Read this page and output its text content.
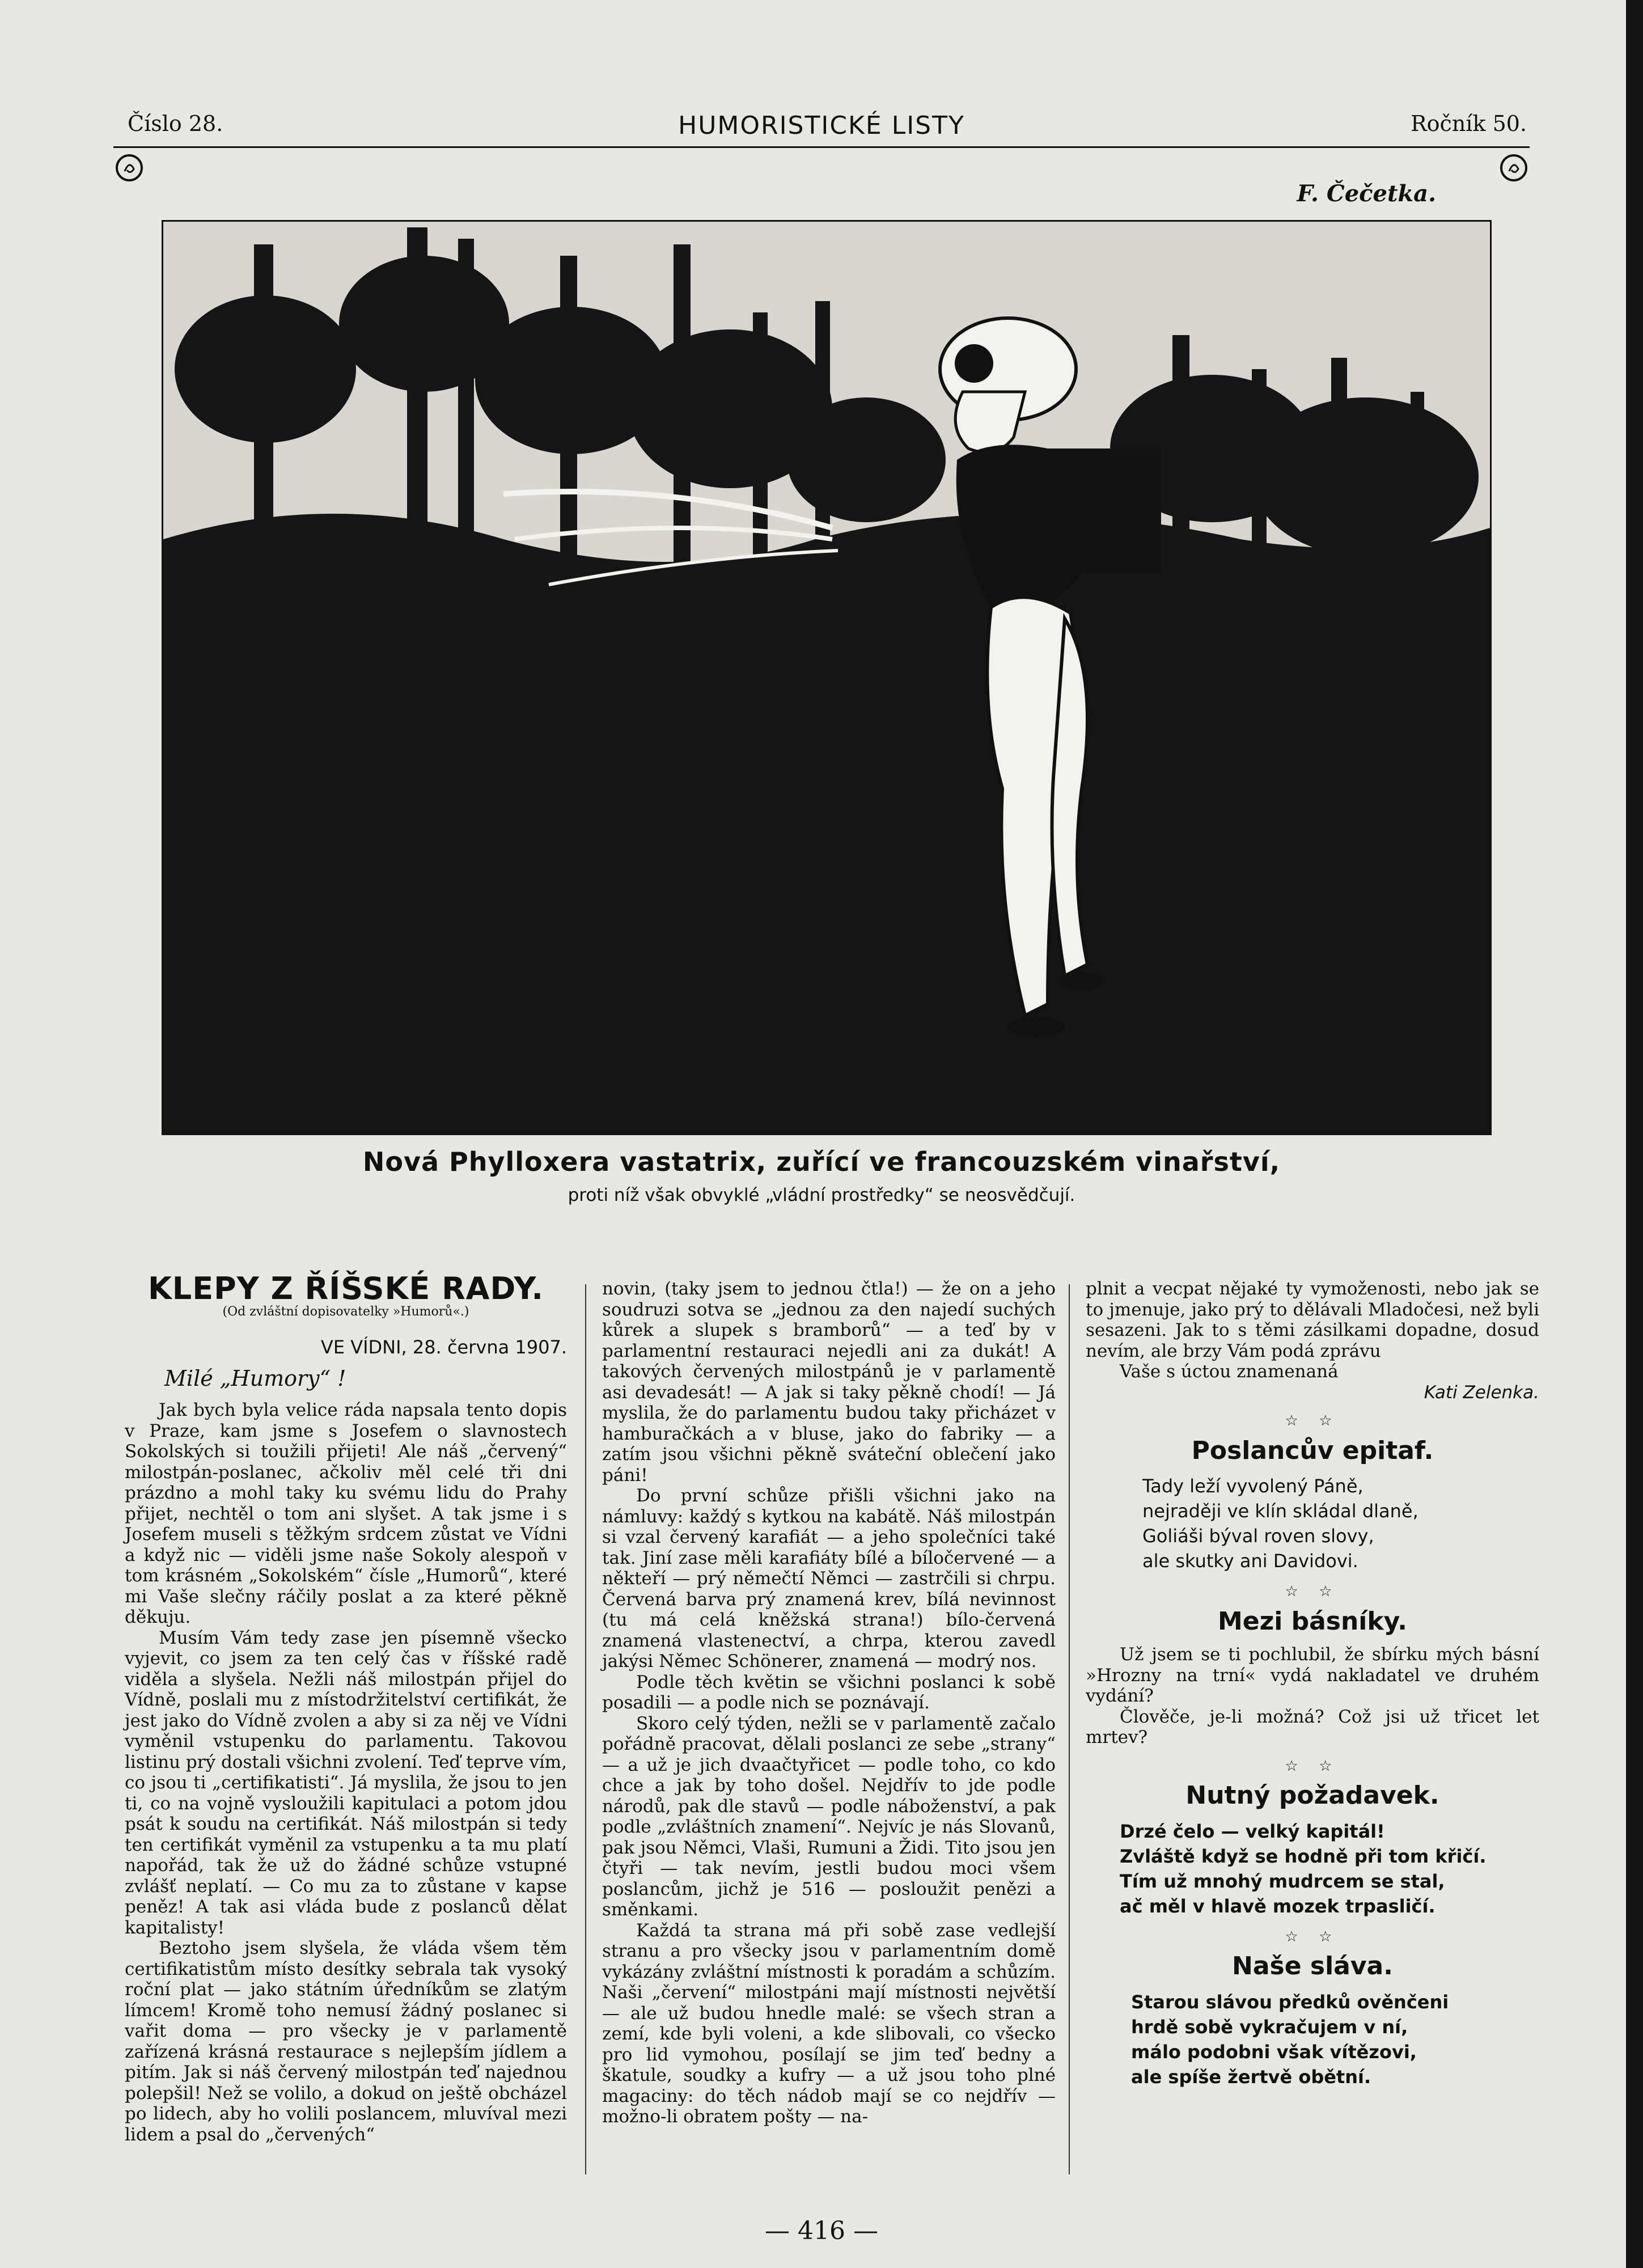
Číslo 28.	HUMORISTICKÉ LISTY	Ročník 50.
F. Čečetka.
Nová Phylloxera vastatrix, zuřící ve francouzském vinařství,
proti níž však obvyklé „vládní prostředky“ se neosvědčují.
KLEPY Z ŘÍŠSKÉ RADY.
(Od zvláštní dopisovatelky »Humorů«.)
VE VÍDNI, 28. června 1907.
Milé „Humory“ !

Jak bych byla velice ráda napsala tento dopis v Praze, kam jsme s Josefem o slavnostech Sokolských si toužili přijeti! Ale náš „červený“ milostpán-poslanec, ačkoliv měl celé tři dni prázdno a mohl taky ku svému lidu do Prahy přijet, nechtěl o tom ani slyšet. A tak jsme i s Josefem museli s těžkým srdcem zůstat ve Vídni a když nic — viděli jsme naše Sokoly alespoň v tom krásném „Sokolském“ čísle „Humorů“, které mi Vaše slečny ráčily poslat a za které pěkně děkuju.

Musím Vám tedy zase jen písemně všecko vyjevit, co jsem za ten celý čas v říšské radě viděla a slyšela. Nežli náš milostpán přijel do Vídně, poslali mu z místodržitelství certifikát, že jest jako do Vídně zvolen a aby si za něj ve Vídni vyměnil vstupenku do parlamentu. Takovou listinu prý dostali všichni zvolení. Teď teprve vím, co jsou ti „certifikatisti“. Já myslila, že jsou to jen ti, co na vojně vysloužili kapitulaci a potom jdou psát k soudu na certifikát. Náš milostpán si tedy ten certifikát vyměnil za vstupenku a ta mu platí napořád, tak že už do žádné schůze vstupné zvlášť neplatí. — Co mu za to zůstane v kapse peněz! A tak asi vláda bude z poslanců dělat kapitalisty!

Beztoho jsem slyšela, že vláda všem těm certifikatistům místo desítky sebrala tak vysoký roční plat — jako státním úředníkům se zlatým límcem! Kromě toho nemusí žádný poslanec si vařit doma — pro všecky je v parlamentě zařízená krásná restaurace s nejlepším jídlem a pitím. Jak si náš červený milostpán teď najednou polepšil! Než se volilo, a dokud on ještě obcházel po lidech, aby ho volili poslancem, mluvíval mezi lidem a psal do „červených“

novin, (taky jsem to jednou čtla!) — že on a jeho soudruzi sotva se „jednou za den najedí suchých kůrek a slupek s bramborů“ — a teď by v parlamentní restauraci nejedli ani za dukát! A takových červených milostpánů je v parlamentě asi devadesát! — A jak si taky pěkně chodí! — Já myslila, že do parlamentu budou taky přicházet v hamburačkách a v bluse, jako do fabriky — a zatím jsou všichni pěkně sváteční oblečení jako páni!

Do první schůze přišli všichni jako na námluvy: každý s kytkou na kabátě. Náš milostpán si vzal červený karafiát — a jeho společníci také tak. Jiní zase měli karafiáty bílé a bíločervené — a někteří — prý němečtí Němci — zastrčili si chrpu. Červená barva prý znamená krev, bílá nevinnost (tu má celá kněžská strana!) bílo-červená znamená vlastenectví, a chrpa, kterou zavedl jakýsi Němec Schönerer, znamená — modrý nos.

Podle těch květin se všichni poslanci k sobě posadili — a podle nich se poznávají.

Skoro celý týden, nežli se v parlamentě začalo pořádně pracovat, dělali poslanci ze sebe „strany“ — a už je jich dvaačtyřicet — podle toho, co kdo chce a jak by toho došel. Nejdřív to jde podle národů, pak dle stavů — podle náboženství, a pak podle „zvláštních znamení“. Nejvíc je nás Slovanů, pak jsou Němci, Vlaši, Rumuni a Židi. Tito jsou jen čtyři — tak nevím, jestli budou moci všem poslancům, jichž je 516 — posloužit penězi a směnkami.

Každá ta strana má při sobě zase vedlejší stranu a pro všecky jsou v parlamentním domě vykázány zvláštní místnosti k poradám a schůzím. Naši „červení“ milostpáni mají místnosti největší — ale už budou hnedle malé: se všech stran a zemí, kde byli voleni, a kde slibovali, co všecko pro lid vymohou, posílají se jim teď bedny a škatule, soudky a kufry — a už jsou toho plné magaciny: do těch nádob mají se co nejdřív — možno-li obratem pošty — na-

plnit a vecpat nějaké ty vymoženosti, nebo jak se to jmenuje, jako prý to dělávali Mladočesi, než byli sesazeni. Jak to s těmi zásilkami dopadne, dosud nevím, ale brzy Vám podá zprávu

Vaše s úctou znamenaná
Kati Zelenka.
☆ ☆
Poslancův epitaf.
Tady leží vyvolený Páně,
nejraději ve klín skládal dlaně,
Goliáši býval roven slovy,
ale skutky ani Davidovi.
☆ ☆
Mezi básníky.

Už jsem se ti pochlubil, že sbírku mých básní »Hrozny na trní« vydá nakladatel ve druhém vydání?

Člověče, je-li možná? Což jsi už třicet let mrtev?

☆ ☆
Nutný požadavek.
Drzé čelo — velký kapitál!
Zvláště když se hodně při tom křičí.
Tím už mnohý mudrcem se stal,
ač měl v hlavě mozek trpasličí.
☆ ☆
Naše sláva.
Starou slávou předků ověnčeni
hrdě sobě vykračujem v ní,
málo podobni však vítězovi,
ale spíše žertvě obětní.
— 416 —
